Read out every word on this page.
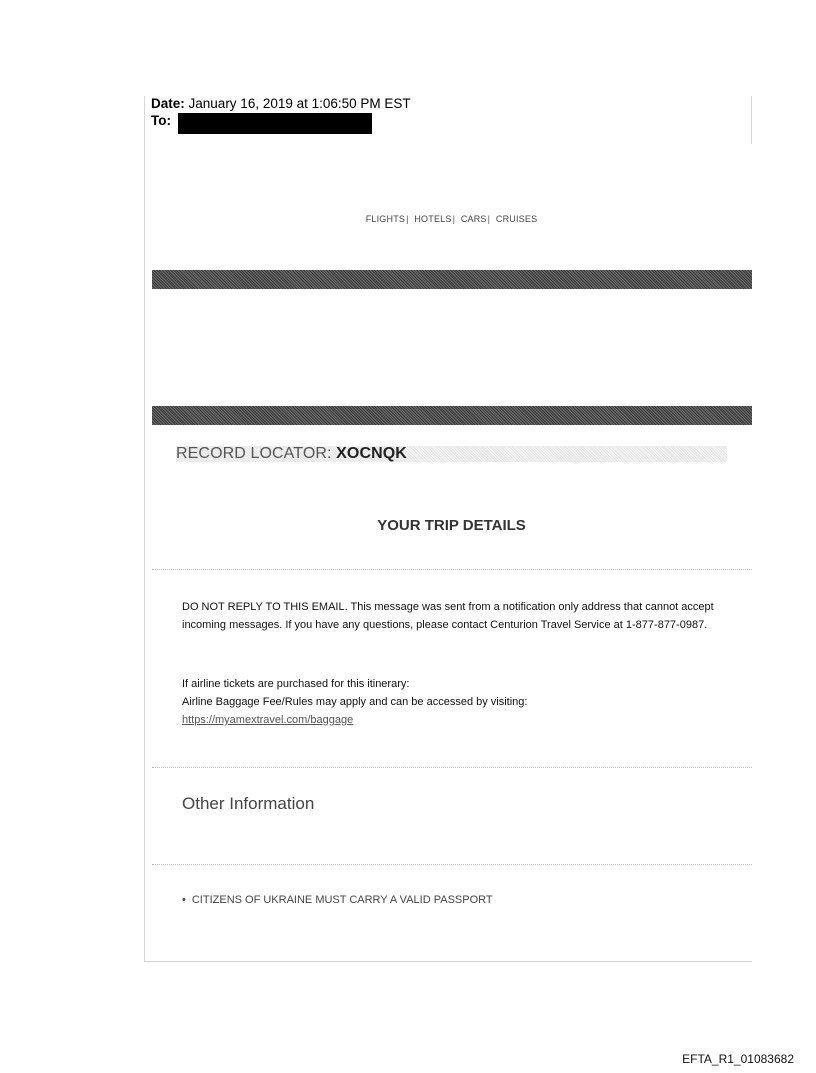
Date: January 16, 2019 at 1:06:50 PM EST
To:
FLIGHTS| HOTELS| CARS| CRUISES
RECORD LOCATOR: XOCNQK
YOUR TRIP DETAILS
DO NOT REPLY TO THIS EMAIL. This message was sent from a notification only address that cannot accept incoming messages. If you have any questions, please contact Centurion Travel Service at 1-877-877-0987.
If airline tickets are purchased for this itinerary:
Airline Baggage Fee/Rules may apply and can be accessed by visiting:
https://myamextravel.com/baggage
Other Information
• CITIZENS OF UKRAINE MUST CARRY A VALID PASSPORT
EFTA_R1_01083682
